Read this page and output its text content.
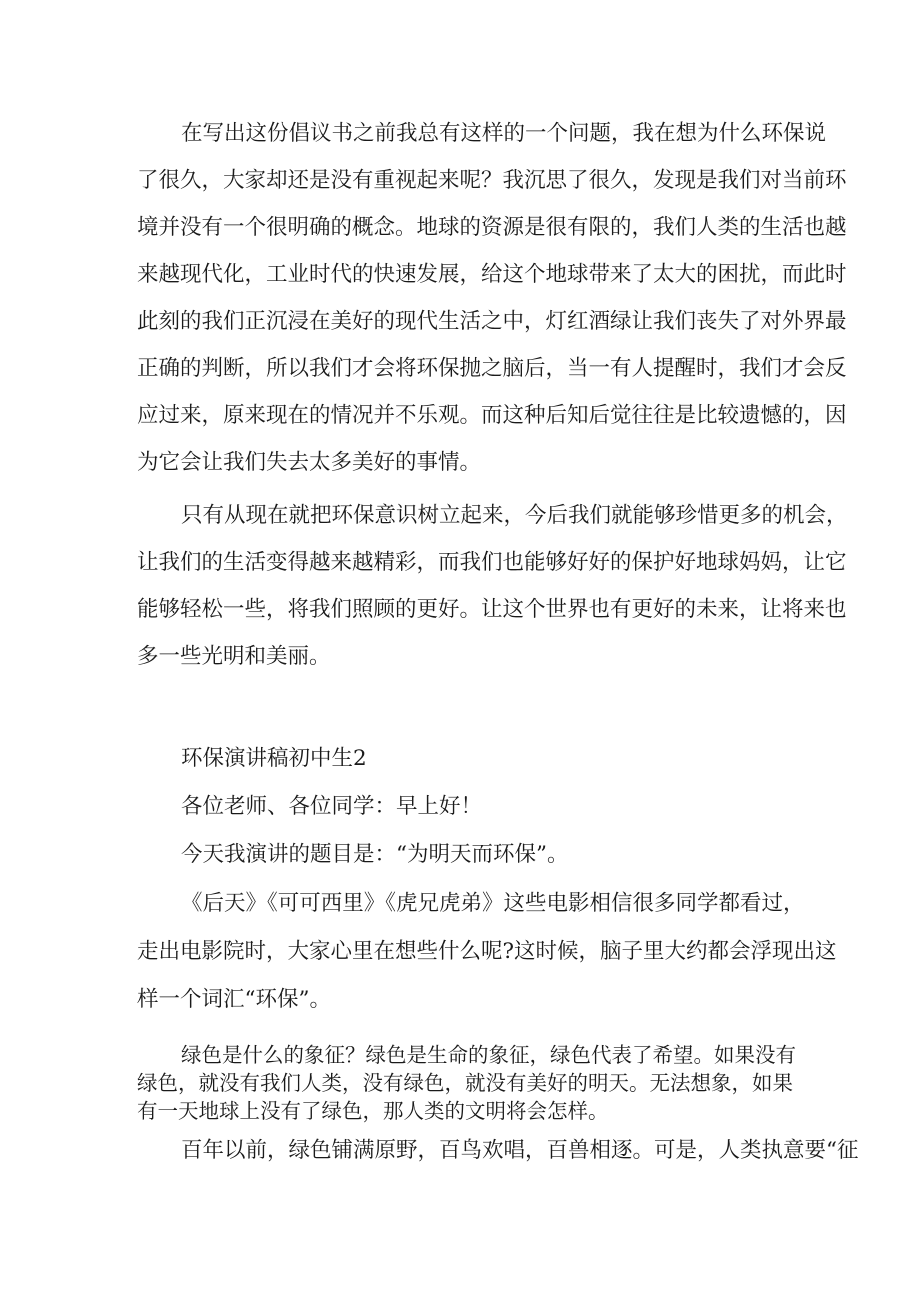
在写出这份倡议书之前我总有这样的一个问题，我在想为什么环保说

了很久，大家却还是没有重视起来呢？我沉思了很久，发现是我们对当前环

境并没有一个很明确的概念。地球的资源是很有限的，我们人类的生活也越

来越现代化，工业时代的快速发展，给这个地球带来了太大的困扰，而此时

此刻的我们正沉浸在美好的现代生活之中，灯红酒绿让我们丧失了对外界最

正确的判断，所以我们才会将环保抛之脑后，当一有人提醒时，我们才会反

应过来，原来现在的情况并不乐观。而这种后知后觉往往是比较遗憾的，因

为它会让我们失去太多美好的事情。

只有从现在就把环保意识树立起来，今后我们就能够珍惜更多的机会，

让我们的生活变得越来越精彩，而我们也能够好好的保护好地球妈妈，让它

能够轻松一些，将我们照顾的更好。让这个世界也有更好的未来，让将来也

多一些光明和美丽。

环保演讲稿初中生2

各位老师、各位同学：早上好！

今天我演讲的题目是：“为明天而环保”。

《后天》《可可西里》《虎兄虎弟》这些电影相信很多同学都看过，

走出电影院时，大家心里在想些什么呢?这时候，脑子里大约都会浮现出这

样一个词汇“环保”。

绿色是什么的象征？绿色是生命的象征，绿色代表了希望。如果没有

绿色，就没有我们人类，没有绿色，就没有美好的明天。无法想象，如果

有一天地球上没有了绿色，那人类的文明将会怎样。

百年以前，绿色铺满原野，百鸟欢唱，百兽相逐。可是，人类执意要“征
